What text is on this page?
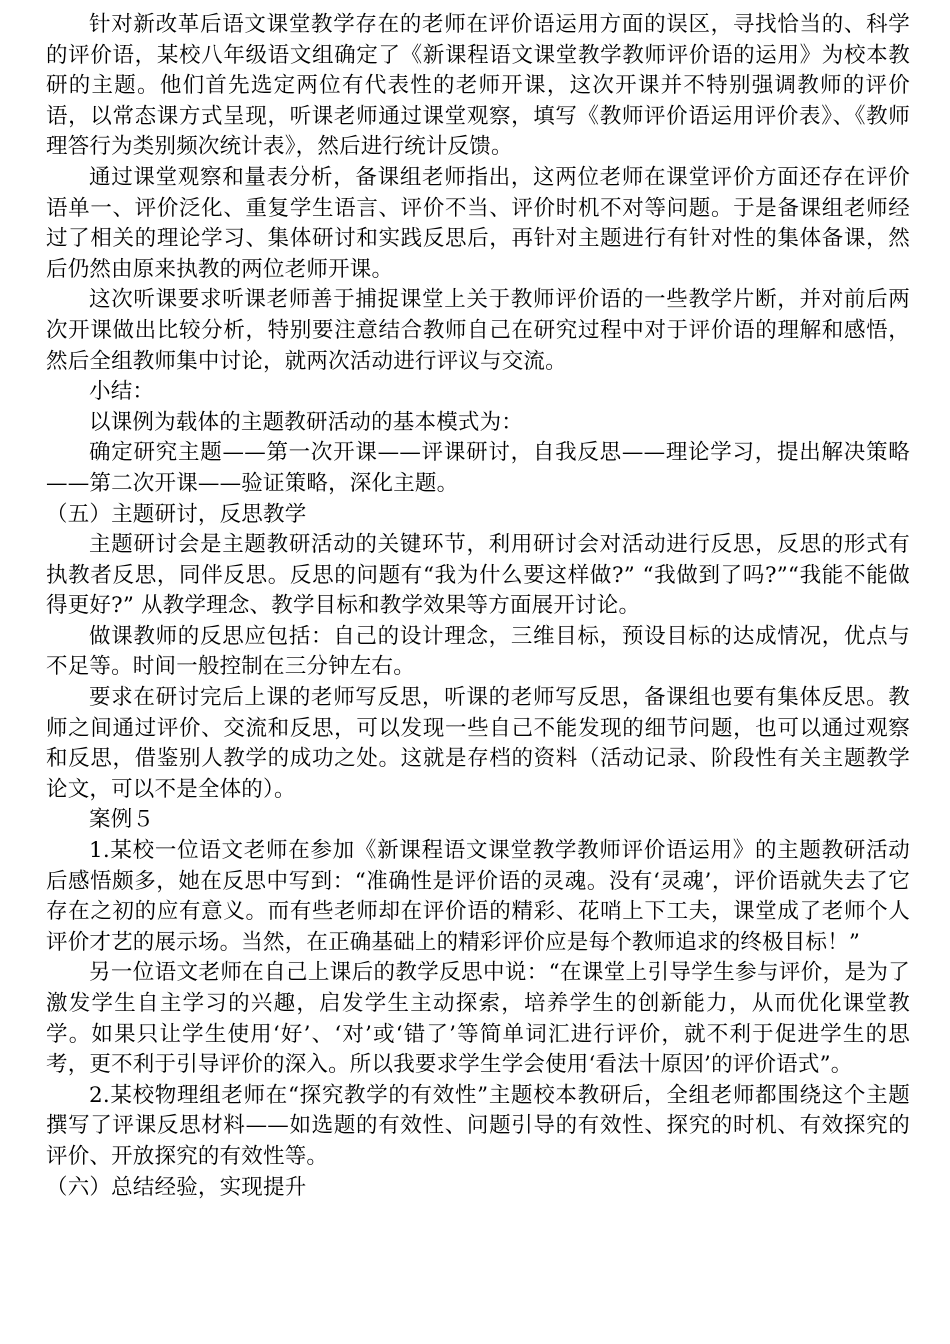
针对新改革后语文课堂教学存在的老师在评价语运用方面的误区，寻找恰当的、科学的评价语，某校八年级语文组确定了《新课程语文课堂教学教师评价语的运用》为校本教研的主题。他们首先选定两位有代表性的老师开课，这次开课并不特别强调教师的评价语，以常态课方式呈现，听课老师通过课堂观察，填写《教师评价语运用评价表》、《教师理答行为类别频次统计表》，然后进行统计反馈。

通过课堂观察和量表分析，备课组老师指出，这两位老师在课堂评价方面还存在评价语单一、评价泛化、重复学生语言、评价不当、评价时机不对等问题。于是备课组老师经过了相关的理论学习、集体研讨和实践反思后，再针对主题进行有针对性的集体备课，然后仍然由原来执教的两位老师开课。

这次听课要求听课老师善于捕捉课堂上关于教师评价语的一些教学片断，并对前后两次开课做出比较分析，特别要注意结合教师自己在研究过程中对于评价语的理解和感悟，然后全组教师集中讨论，就两次活动进行评议与交流。

小结：

以课例为载体的主题教研活动的基本模式为：

确定研究主题——第一次开课——评课研讨，自我反思——理论学习，提出解决策略——第二次开课——验证策略，深化主题。

（五）主题研讨，反思教学

主题研讨会是主题教研活动的关键环节，利用研讨会对活动进行反思，反思的形式有执教者反思，同伴反思。反思的问题有“我为什么要这样做?” “我做到了吗?”“我能不能做得更好?” 从教学理念、教学目标和教学效果等方面展开讨论。

做课教师的反思应包括：自己的设计理念，三维目标，预设目标的达成情况，优点与不足等。时间一般控制在三分钟左右。

要求在研讨完后上课的老师写反思，听课的老师写反思，备课组也要有集体反思。教师之间通过评价、交流和反思，可以发现一些自己不能发现的细节问题，也可以通过观察和反思，借鉴别人教学的成功之处。这就是存档的资料（活动记录、阶段性有关主题教学论文，可以不是全体的）。

案例５

1.某校一位语文老师在参加《新课程语文课堂教学教师评价语运用》的主题教研活动后感悟颇多，她在反思中写到：“准确性是评价语的灵魂。没有‘灵魂’，评价语就失去了它存在之初的应有意义。而有些老师却在评价语的精彩、花哨上下工夫，课堂成了老师个人评价才艺的展示场。当然，在正确基础上的精彩评价应是每个教师追求的终极目标！”

另一位语文老师在自己上课后的教学反思中说：“在课堂上引导学生参与评价，是为了激发学生自主学习的兴趣，启发学生主动探索，培养学生的创新能力，从而优化课堂教学。如果只让学生使用‘好’、‘对’或‘错了’等简单词汇进行评价，就不利于促进学生的思考，更不利于引导评价的深入。所以我要求学生学会使用‘看法十原因’的评价语式”。

2.某校物理组老师在“探究教学的有效性”主题校本教研后，全组老师都围绕这个主题撰写了评课反思材料——如选题的有效性、问题引导的有效性、探究的时机、有效探究的评价、开放探究的有效性等。

（六）总结经验，实现提升
